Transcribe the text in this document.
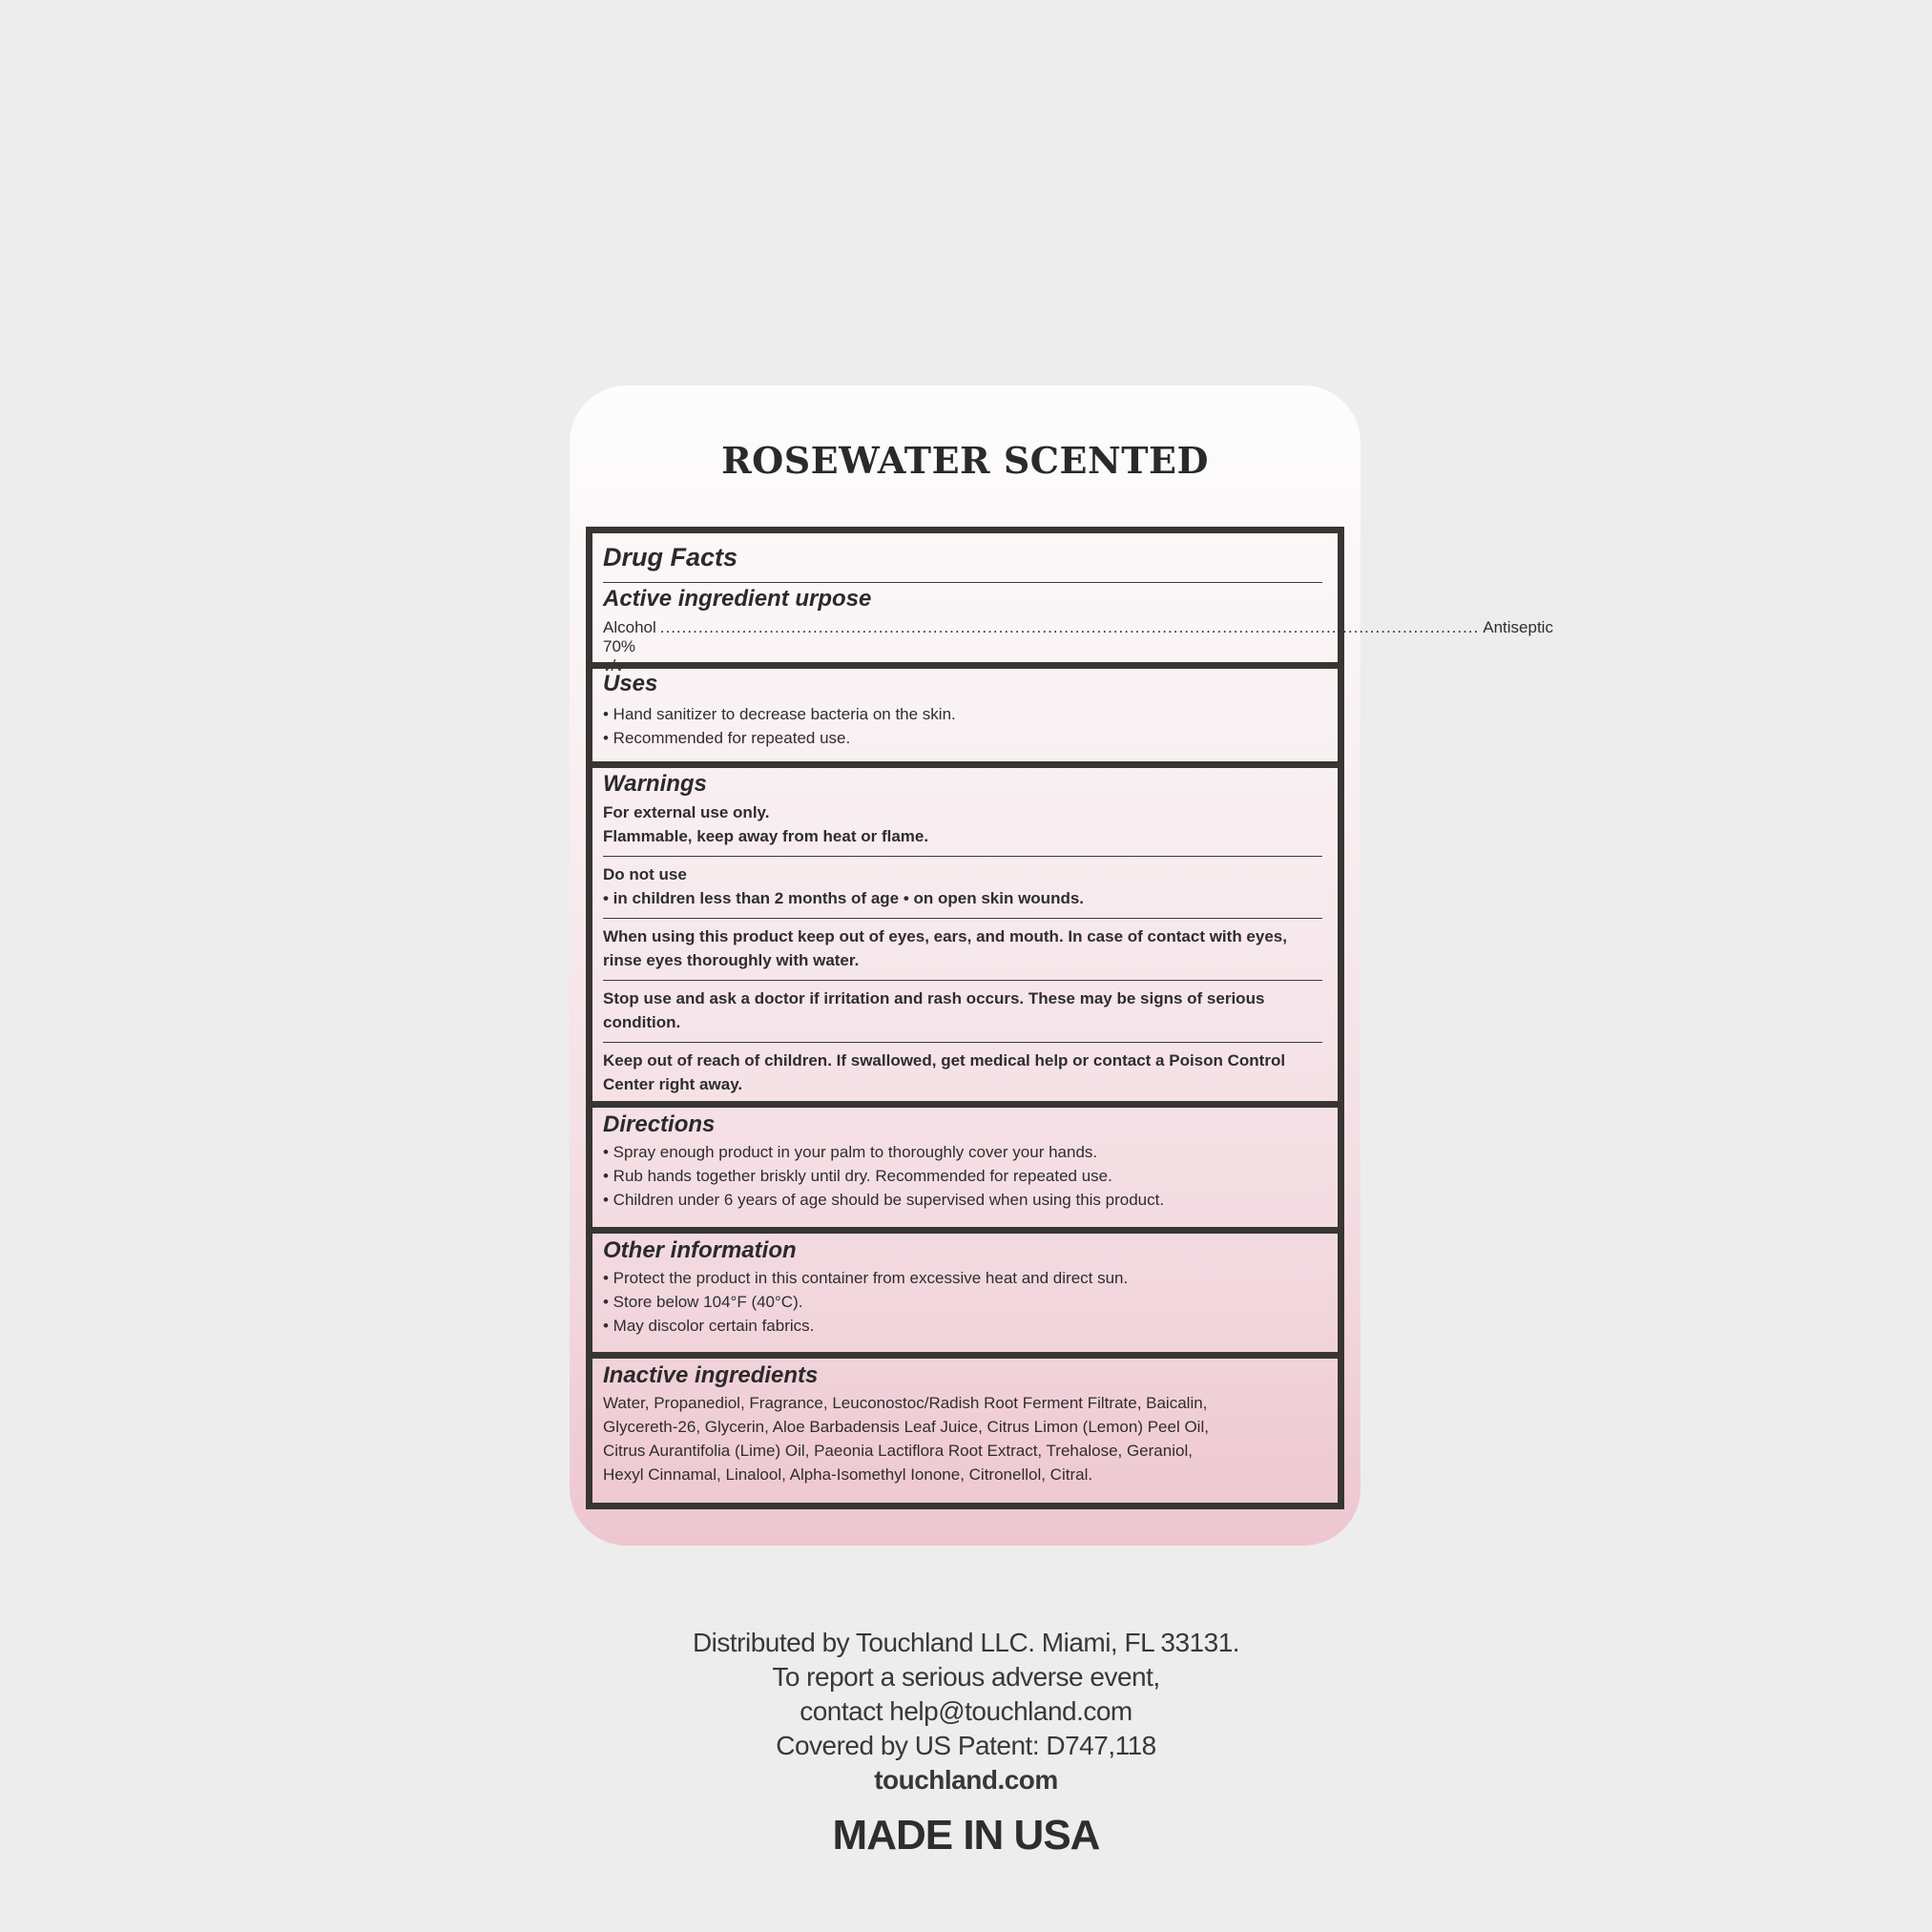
ROSEWATER SCENTED
Drug Facts
Active ingredient urpose
Alcohol 70% v/v
...................................................................................................................................................... Antiseptic
Uses
• Hand sanitizer to decrease bacteria on the skin.
• Recommended for repeated use.
Warnings
For external use only.
Flammable, keep away from heat or flame.
Do not use
• in children less than 2 months of age • on open skin wounds.
When using this product keep out of eyes, ears, and mouth. In case of contact with eyes, rinse eyes thoroughly with water.
Stop use and ask a doctor if irritation and rash occurs. These may be signs of serious condition.
Keep out of reach of children. If swallowed, get medical help or contact a Poison Control Center right away.
Directions
• Spray enough product in your palm to thoroughly cover your hands.
• Rub hands together briskly until dry. Recommended for repeated use.
• Children under 6 years of age should be supervised when using this product.
Other information
• Protect the product in this container from excessive heat and direct sun.
• Store below 104°F (40°C).
• May discolor certain fabrics.
Inactive ingredients
Water, Propanediol, Fragrance, Leuconostoc/Radish Root Ferment Filtrate, Baicalin,
Glycereth-26, Glycerin, Aloe Barbadensis Leaf Juice, Citrus Limon (Lemon) Peel Oil,
Citrus Aurantifolia (Lime) Oil, Paeonia Lactiflora Root Extract, Trehalose, Geraniol,
Hexyl Cinnamal, Linalool, Alpha-Isomethyl Ionone, Citronellol, Citral.
Distributed by Touchland LLC. Miami, FL 33131.
To report a serious adverse event,
contact help@touchland.com
Covered by US Patent: D747,118
touchland.com
MADE IN USA
